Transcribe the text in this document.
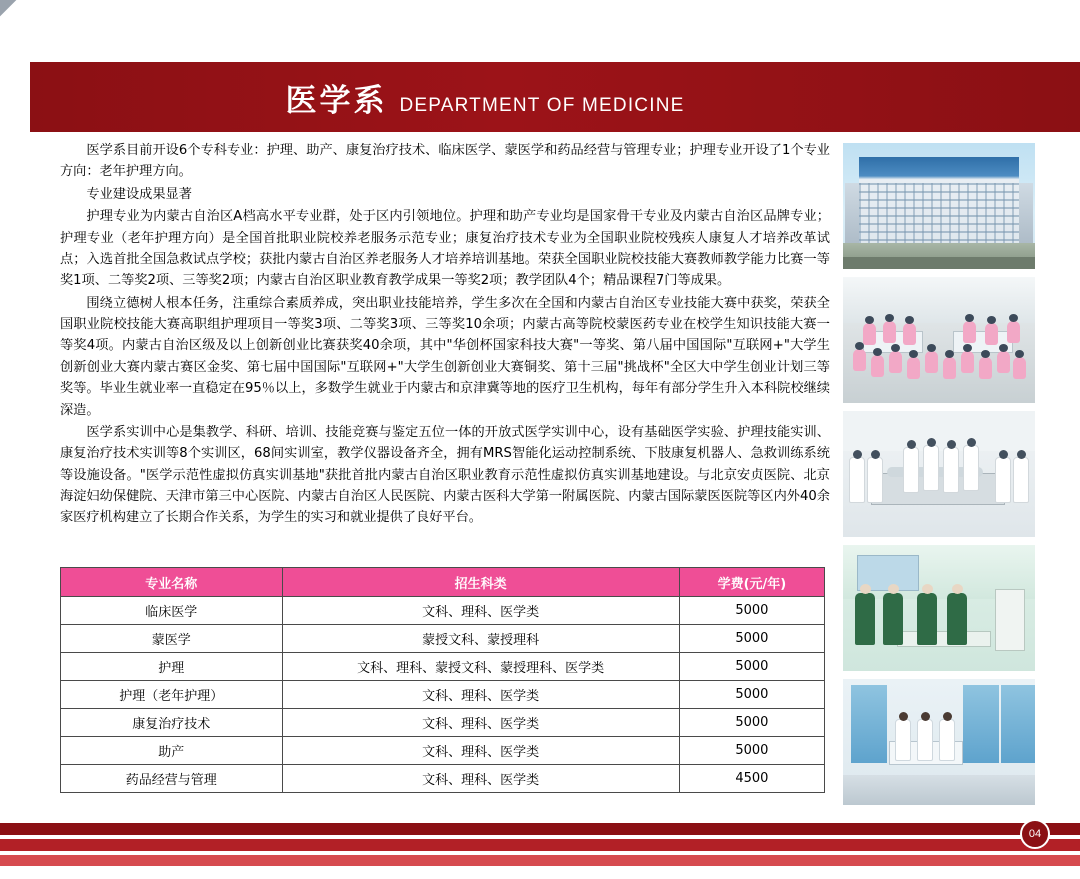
医学系 DEPARTMENT OF MEDICINE

医学系目前开设6个专科专业：护理、助产、康复治疗技术、临床医学、蒙医学和药品经营与管理专业；护理专业开设了1个专业方向：老年护理方向。

专业建设成果显著

护理专业为内蒙古自治区A档高水平专业群，处于区内引领地位。护理和助产专业均是国家骨干专业及内蒙古自治区品牌专业；护理专业（老年护理方向）是全国首批职业院校养老服务示范专业；康复治疗技术专业为全国职业院校残疾人康复人才培养改革试点；入选首批全国急救试点学校；获批内蒙古自治区养老服务人才培养培训基地。荣获全国职业院校技能大赛教师教学能力比赛一等奖1项、二等奖2项、三等奖2项；内蒙古自治区职业教育教学成果一等奖2项；教学团队4个；精品课程7门等成果。

围绕立德树人根本任务，注重综合素质养成，突出职业技能培养，学生多次在全国和内蒙古自治区专业技能大赛中获奖，荣获全国职业院校技能大赛高职组护理项目一等奖3项、二等奖3项、三等奖10余项；内蒙古高等院校蒙医药专业在校学生知识技能大赛一等奖4项。内蒙古自治区级及以上创新创业比赛获奖40余项，其中"华创杯国家科技大赛"一等奖、第八届中国国际"互联网+"大学生创新创业大赛内蒙古赛区金奖、第七届中国国际"互联网+"大学生创新创业大赛铜奖、第十三届"挑战杯"全区大中学生创业计划三等奖等。毕业生就业率一直稳定在95％以上，多数学生就业于内蒙古和京津冀等地的医疗卫生机构，每年有部分学生升入本科院校继续深造。

医学系实训中心是集教学、科研、培训、技能竞赛与鉴定五位一体的开放式医学实训中心，设有基础医学实验、护理技能实训、康复治疗技术实训等8个实训区，68间实训室，教学仪器设备齐全，拥有MRS智能化运动控制系统、下肢康复机器人、急救训练系统等设施设备。"医学示范性虚拟仿真实训基地"获批首批内蒙古自治区职业教育示范性虚拟仿真实训基地建设。与北京安贞医院、北京海淀妇幼保健院、天津市第三中心医院、内蒙古自治区人民医院、内蒙古医科大学第一附属医院、内蒙古国际蒙医医院等区内外40余家医疗机构建立了长期合作关系，为学生的实习和就业提供了良好平台。

专业名称	招生科类	学费(元/年)
临床医学	文科、理科、医学类	5000
蒙医学	蒙授文科、蒙授理科	5000
护理	文科、理科、蒙授文科、蒙授理科、医学类	5000
护理（老年护理）	文科、理科、医学类	5000
康复治疗技术	文科、理科、医学类	5000
助产	文科、理科、医学类	5000
药品经营与管理	文科、理科、医学类	4500
04
